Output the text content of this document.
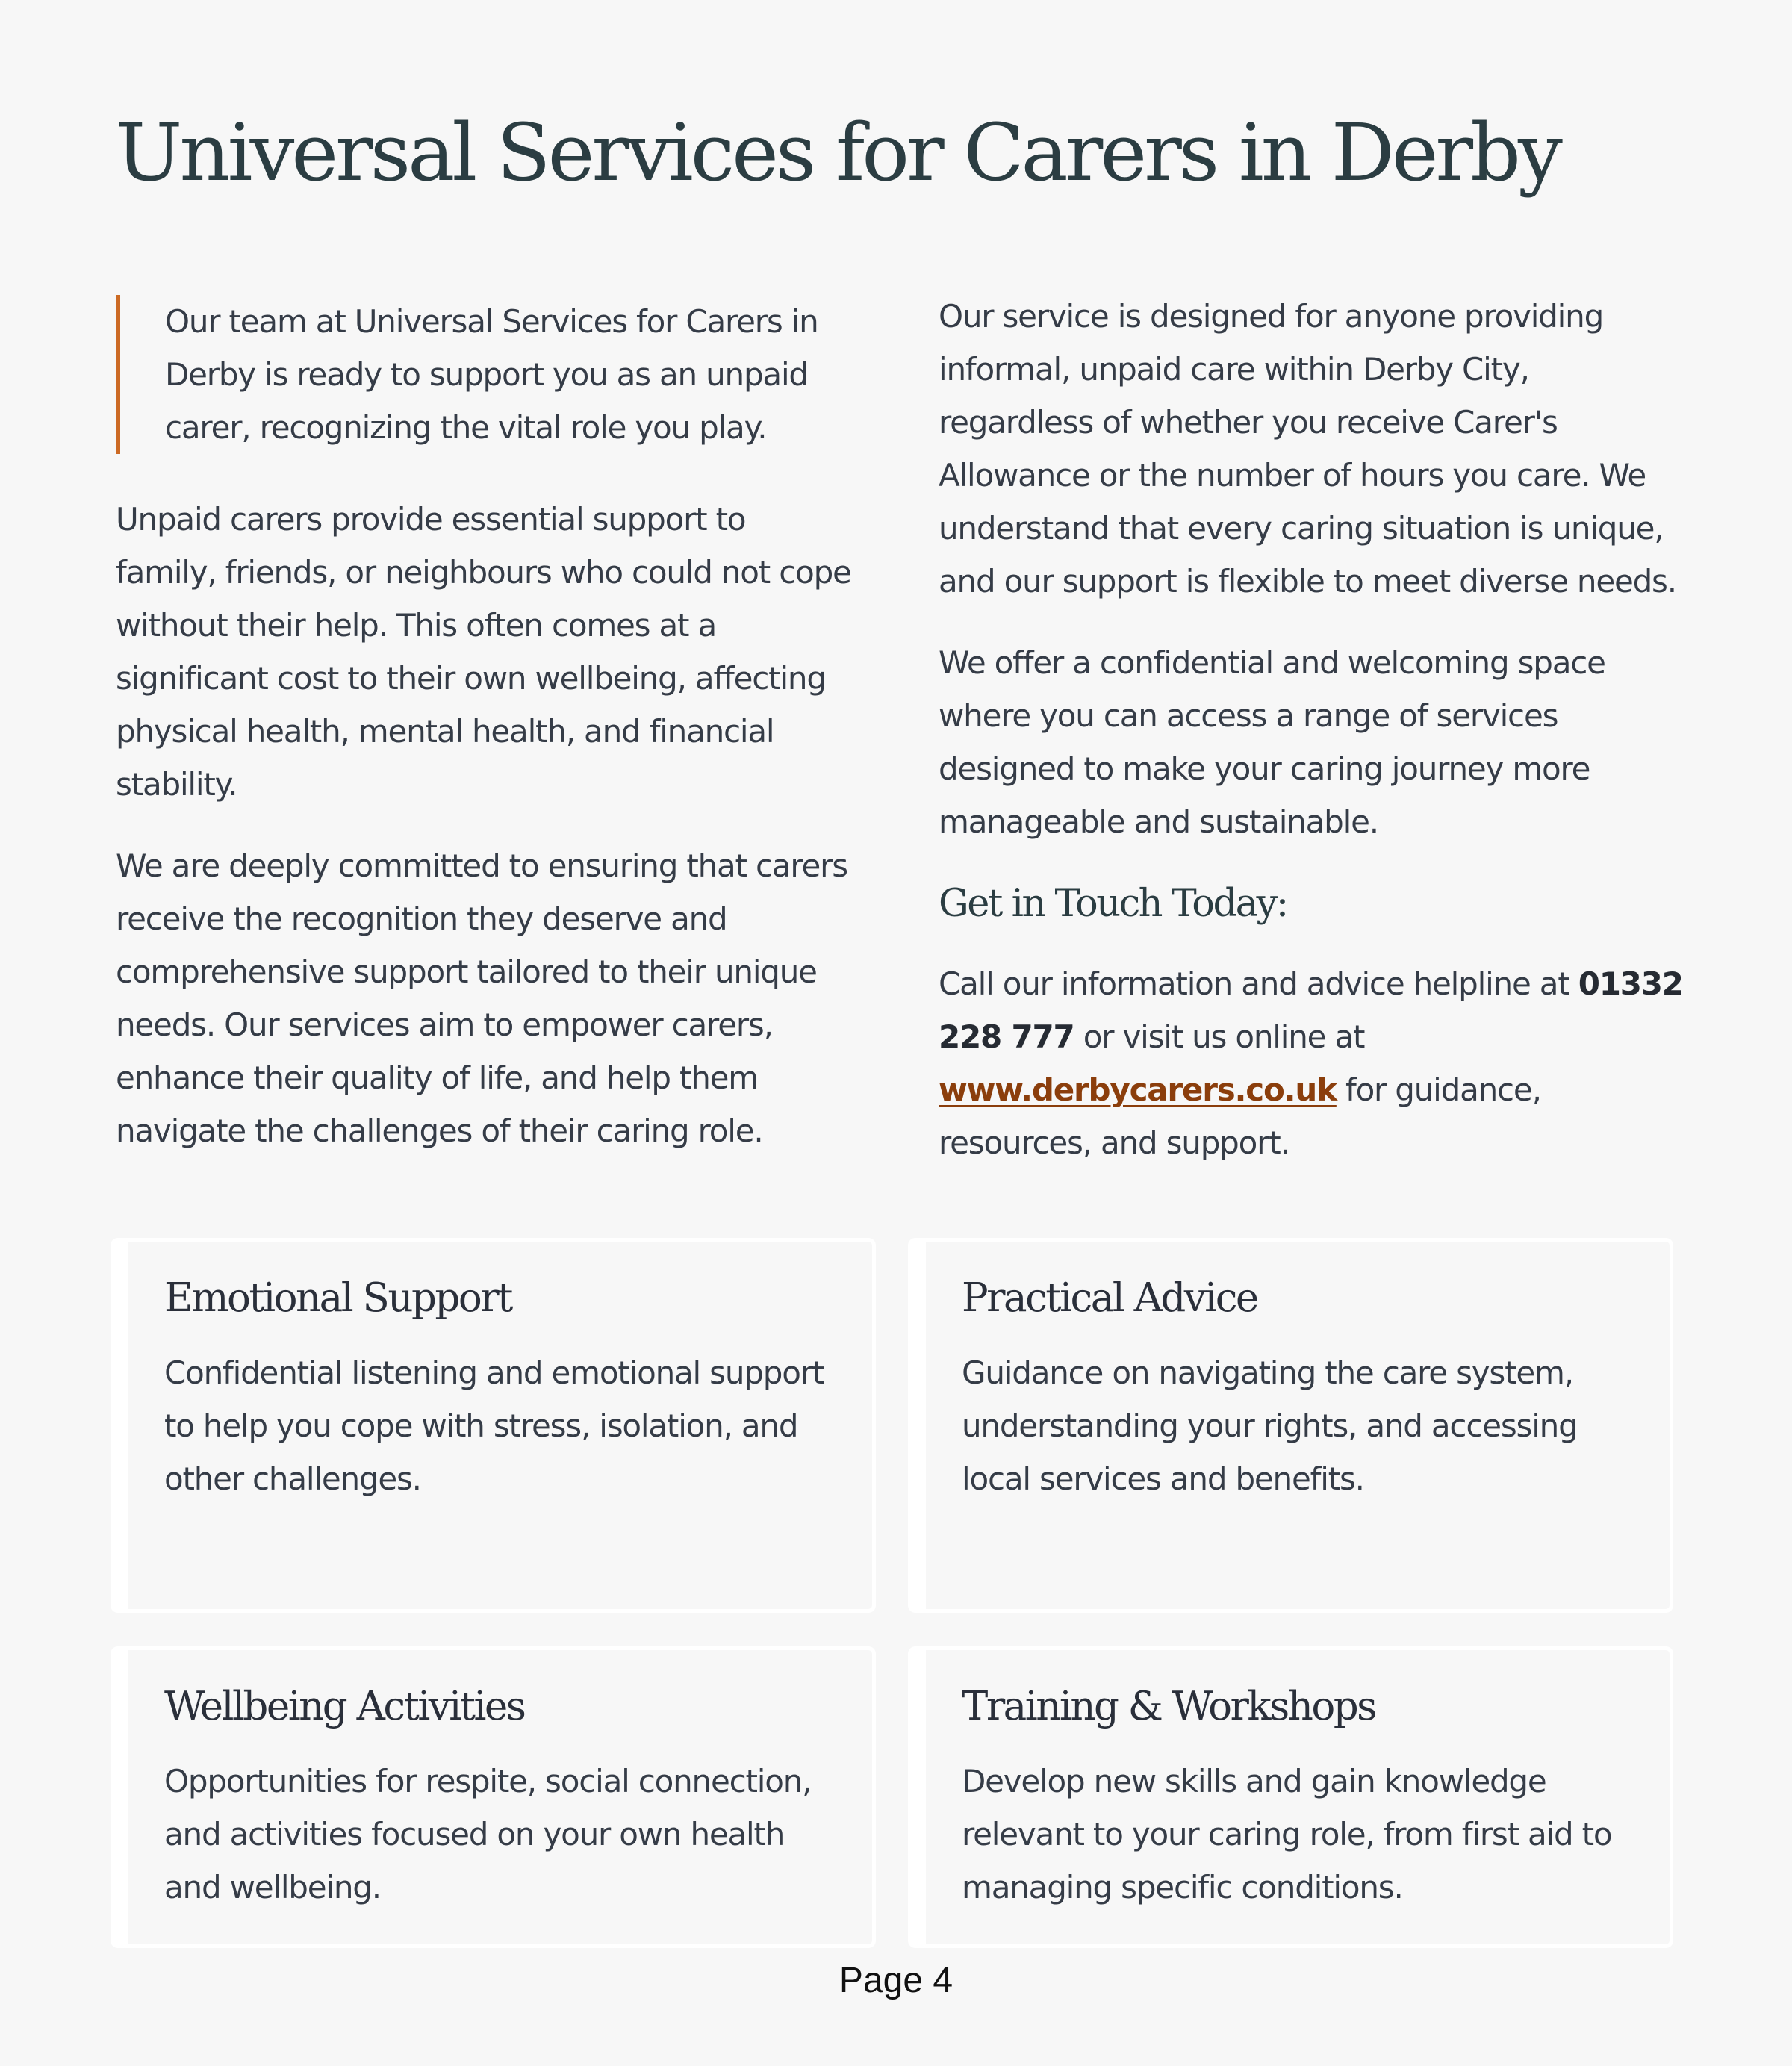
Universal Services for Carers in Derby

Our team at Universal Services for Carers in Derby is ready to support you as an unpaid carer, recognizing the vital role you play.

Unpaid carers provide essential support to family, friends, or neighbours who could not cope without their help. This often comes at a significant cost to their own wellbeing, affecting physical health, mental health, and financial stability.

We are deeply committed to ensuring that carers receive the recognition they deserve and comprehensive support tailored to their unique needs. Our services aim to empower carers, enhance their quality of life, and help them navigate the challenges of their caring role.

Our service is designed for anyone providing informal, unpaid care within Derby City, regardless of whether you receive Carer's Allowance or the number of hours you care. We understand that every caring situation is unique, and our support is flexible to meet diverse needs.

We offer a confidential and welcoming space where you can access a range of services designed to make your caring journey more manageable and sustainable.

Get in Touch Today:

Call our information and advice helpline at 01332 228 777 or visit us online at www.derbycarers.co.uk for guidance, resources, and support.

Emotional Support

Confidential listening and emotional support to help you cope with stress, isolation, and other challenges.

Practical Advice

Guidance on navigating the care system, understanding your rights, and accessing local services and benefits.

Wellbeing Activities

Opportunities for respite, social connection, and activities focused on your own health and wellbeing.

Training & Workshops

Develop new skills and gain knowledge relevant to your caring role, from first aid to managing specific conditions.

Page 4
